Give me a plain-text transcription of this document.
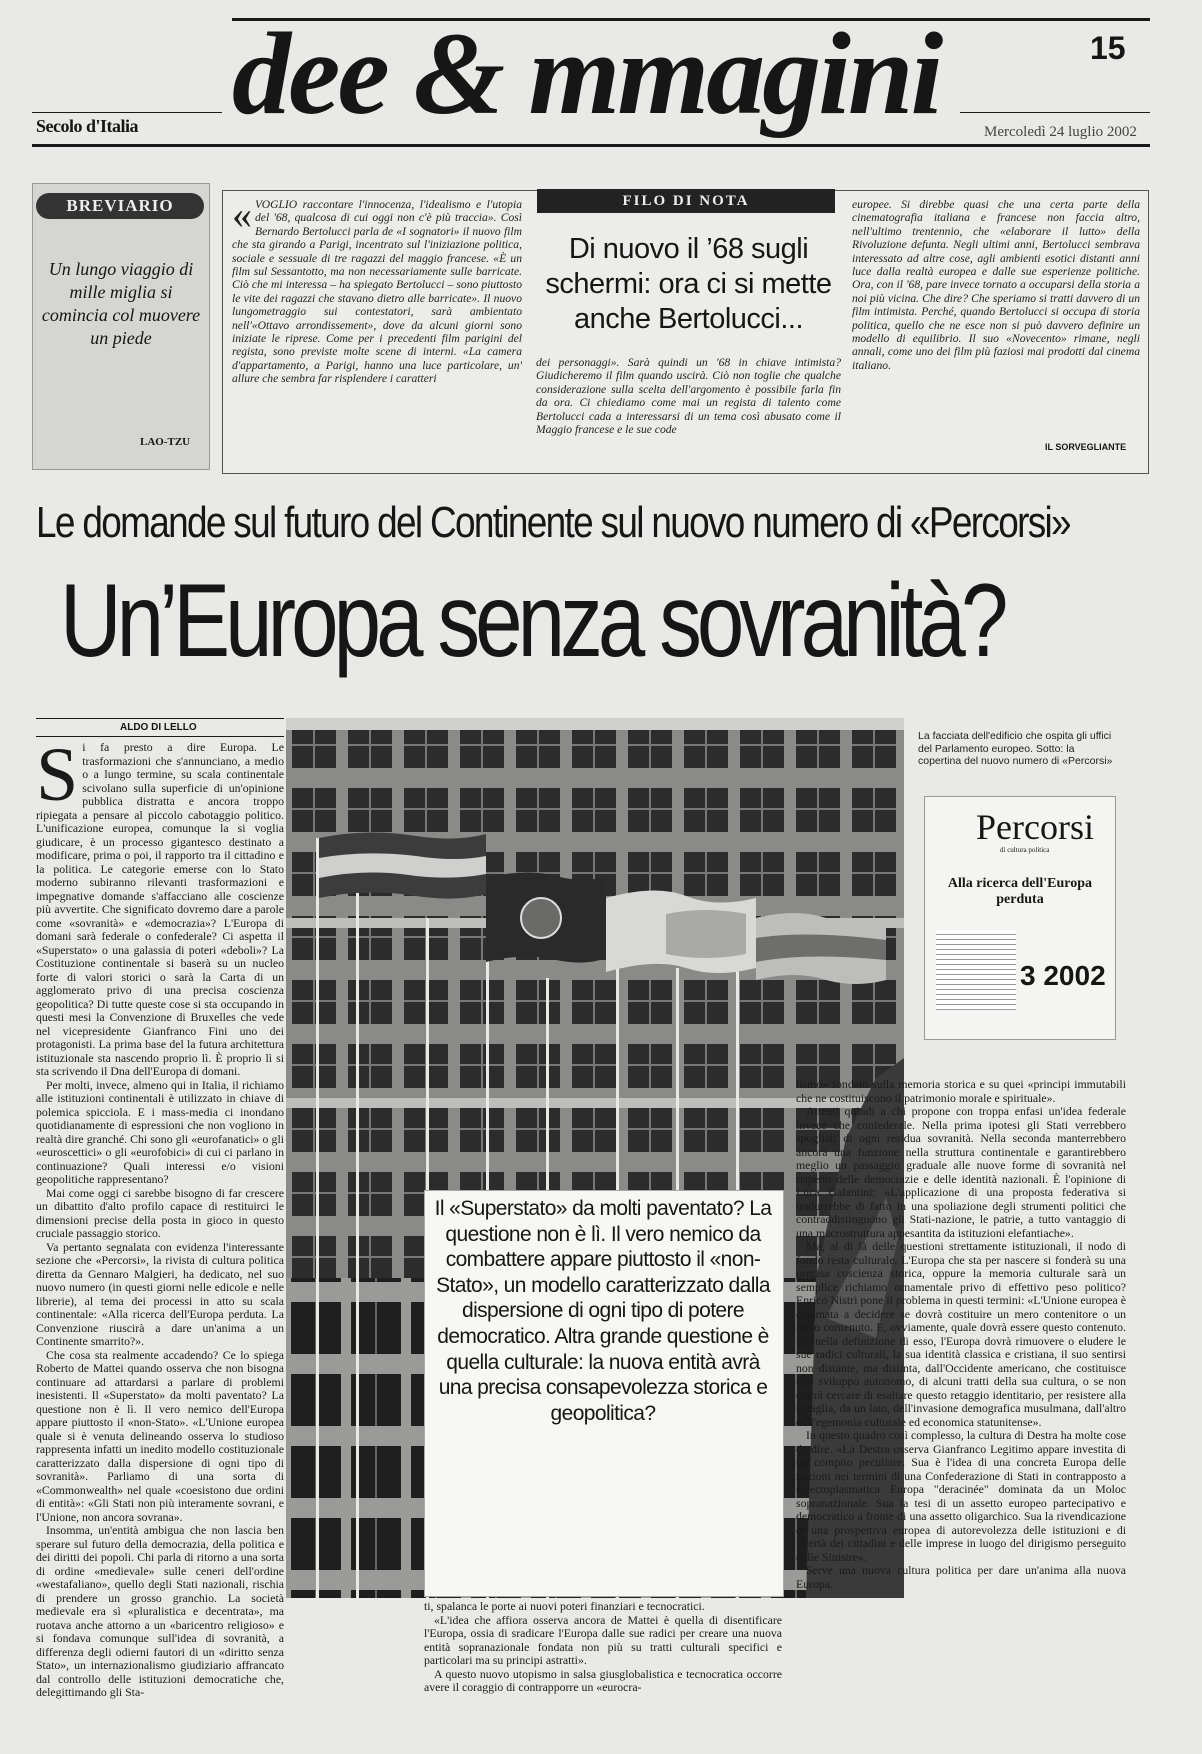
dee & mmagini
Secolo d'Italia
15
Mercoledì 24 luglio 2002
BREVIARIO
Un lungo viaggio di mille miglia si comincia col muovere un piede
LAO-TZU
FILO DI NOTA
« VOGLIO raccontare l'innocenza, l'idealismo e l'utopia del '68, qualcosa di cui oggi non c'è più traccia». Così Bernardo Bertolucci parla de «I sognatori» il nuovo film che sta girando a Parigi, incentrato sul l'iniziazione politica, sociale e sessuale di tre ragazzi del maggio francese. «È un film sul Sessantotto, ma non necessariamente sulle barricate. Ciò che mi interessa – ha spiegato Bertolucci – sono piuttosto le vite dei ragazzi che stavano dietro alle barricate». Il nuovo lungometraggio sui contestatori, sarà ambientato nell'«Ottavo arrondissement», dove da alcuni giorni sono iniziate le riprese. Come per i precedenti film parigini del regista, sono previste molte scene di interni. «La camera d'appartamento, a Parigi, hanno una luce particolare, un' allure che sembra far risplendere i caratteri
Di nuovo il ’68 sugli schermi: ora ci si mette anche Bertolucci...
dei personaggi». Sarà quindi un '68 in chiave intimista? Giudicheremo il film quando uscirà. Ciò non toglie che qualche considerazione sulla scelta dell'argomento è possibile farla fin da ora. Ci chiediamo come mai un regista di talento come Bertolucci cada a interessarsi di un tema così abusato come il Maggio francese e le sue code
europee. Si direbbe quasi che una certa parte della cinematografia italiana e francese non faccia altro, nell'ultimo trentennio, che «elaborare il lutto» della Rivoluzione defunta. Negli ultimi anni, Bertolucci sembrava interessato ad altre cose, agli ambienti esotici distanti anni luce dalla realtà europea e dalle sue esperienze politiche. Ora, con il '68, pare invece tornato a occuparsi della storia a noi più vicina. Che dire? Che speriamo si tratti davvero di un film intimista. Perché, quando Bertolucci si occupa di storia politica, quello che ne esce non si può davvero definire un modello di equilibrio. Il suo «Novecento» rimane, negli annali, come uno dei film più faziosi mai prodotti dal cinema italiano.
IL SORVEGLIANTE
Le domande sul futuro del Continente sul nuovo numero di «Percorsi»
Un’Europa senza sovranità?
ALDO DI LELLO
S i fa presto a dire Europa. Le trasformazioni che s'annunciano, a medio o a lungo termine, su scala continentale scivolano sulla superficie di un'opinione pubblica distratta e ancora troppo ripiegata a pensare al piccolo cabotaggio politico. L'unificazione europea, comunque la si voglia giudicare, è un processo gigantesco destinato a modificare, prima o poi, il rapporto tra il cittadino e la politica. Le categorie emerse con lo Stato moderno subiranno rilevanti trasformazioni e impegnative domande s'affacciano alle coscienze più avvertite. Che significato dovremo dare a parole come «sovranità» e «democrazia»? L'Europa di domani sarà federale o confederale? Ci aspetta il «Superstato» o una galassia di poteri «deboli»? La Costituzione continentale si baserà su un nucleo forte di valori storici o sarà la Carta di un agglomerato privo di una precisa coscienza geopolitica? Di tutte queste cose si sta occupando in questi mesi la Convenzione di Bruxelles che vede nel vicepresidente Gianfranco Fini uno dei protagonisti. La prima base del la futura architettura istituzionale sta nascendo proprio lì. È proprio lì si sta scrivendo il Dna dell'Europa di domani.

Per molti, invece, almeno qui in Italia, il richiamo alle istituzioni continentali è utilizzato in chiave di polemica spicciola. E i mass-media ci inondano quotidianamente di espressioni che non vogliono in realtà dire granché. Chi sono gli «eurofanatici» o gli «euroscettici» o gli «eurofobici» di cui ci parlano in continuazione? Quali interessi e/o visioni geopolitiche rappresentano?

Mai come oggi ci sarebbe bisogno di far crescere un dibattito d'alto profilo capace di restituirci le dimensioni precise della posta in gioco in questo cruciale passaggio storico.

Va pertanto segnalata con evidenza l'interessante sezione che «Percorsi», la rivista di cultura politica diretta da Gennaro Malgieri, ha dedicato, nel suo nuovo numero (in questi giorni nelle edicole e nelle librerie), al tema dei processi in atto su scala continentale: «Alla ricerca dell'Europa perduta. La Convenzione riuscirà a dare un'anima a un Continente smarrito?».

Che cosa sta realmente accadendo? Ce lo spiega Roberto de Mattei quando osserva che non bisogna continuare ad attardarsi a parlare di problemi inesistenti. Il «Superstato» da molti paventato? La questione non è lì. Il vero nemico dell'Europa appare piuttosto il «non-Stato». «L'Unione europea quale si è venuta delineando osserva lo studioso rappresenta infatti un inedito modello costituzionale caratterizzato dalla dispersione di ogni tipo di sovranità». Parliamo di una sorta di «Commonwealth» nel quale «coesistono due ordini di entità»: «Gli Stati non più interamente sovrani, e l'Unione, non ancora sovrana».

Insomma, un'entità ambigua che non lascia ben sperare sul futuro della democrazia, della politica e dei diritti dei popoli. Chi parla di ritorno a una sorta di ordine «medievale» sulle ceneri dell'ordine «westafaliano», quello degli Stati nazionali, rischia di prendere un grosso granchio. La società medievale era sì «pluralistica e decentrata», ma ruotava anche attorno a un «baricentro religioso» e si fondava comunque sull'idea di sovranità, a differenza degli odierni fautori di un «diritto senza Stato», un internazionalismo giudiziario affrancato dal controllo delle istituzioni democratiche che, delegittimando gli Sta-

La facciata dell'edificio che ospita gli uffici del Parlamento europeo. Sotto: la copertina del nuovo numero di «Percorsi»
Percorsi
di cultura politica
Alla ricerca dell'Europa perduta
3 2002
Il «Superstato» da molti paventato? La questione non è lì. Il vero nemico da combattere appare piuttosto il «non-Stato», un modello caratterizzato dalla dispersione di ogni tipo di potere democratico. Altra grande questione è quella culturale: la nuova entità avrà una precisa consapevolezza storica e geopolitica?

ti, spalanca le porte ai nuovi poteri finanziari e tecnocratici.

«L'idea che affiora osserva ancora de Mattei è quella di disentificare l'Europa, ossia di sradicare l'Europa dalle sue radici per creare una nuova entità sopranazionale fondata non più su tratti culturali specifici e particolari ma su principi astratti».

A questo nuovo utopismo in salsa giusglobalistica e tecnocratica occorre avere il coraggio di contrapporre un «eurocra-

lismo» fondato sulla memoria storica e su quei «principi immutabili che ne costituiscono il patrimonio morale e spirituale».

Attenti quindi a chi propone con troppa enfasi un'idea federale invece che confederale. Nella prima ipotesi gli Stati verrebbero spogliati di ogni residua sovranità. Nella seconda manterrebbero ancora una funzione nella struttura continentale e garantirebbero meglio un passaggio graduale alle nuove forme di sovranità nel rispetto delle democrazie e delle identità nazionali. È l'opinione di Luca Galantini: «L'applicazione di una proposta federativa si tradurrebbe di fatto in una spoliazione degli strumenti politici che contraddistinguono gli Stati-nazione, le patrie, a tutto vantaggio di una macrostruttura appesantita da istituzioni elefantiache».

Ma, al di là delle questioni strettamente istituzionali, il nodo di fondo resta culturale. L'Europa che sta per nascere si fonderà su una precisa coscienza storica, oppure la memoria culturale sarà un semplice richiamo ornamentale privo di effettivo peso politico? Enrico Nistri pone il problema in questi termini: «L'Unione europea è chiamata a decidere se dovrà costituire un mero contenitore o un mero contenuto. E, ovviamente, quale dovrà essere questo contenuto. Se, nella definizione di esso, l'Europa dovrà rimuovere o eludere le sue radici culturali, la sua identità classica e cristiana, il suo sentirsi non distante, ma distinta, dall'Occidente americano, che costituisce uno sviluppo autonomo, di alcuni tratti della sua cultura, o se non dovrà cercare di esaltare questo retaggio identitario, per resistere alla tenaglia, da un lato, dell'invasione demografica musulmana, dall'altro dell'egemonia culturale ed economica statunitense».

In questo quadro così complesso, la cultura di Destra ha molte cose da dire. «La Destra osserva Gianfranco Legitimo appare investita di un compito peculiare. Sua è l'idea di una concreta Europa delle nazioni nei termini di una Confederazione di Stati in contrapposto a un'ectoplasmatica Europa "deracinée" dominata da un Moloc sopranazionale. Sua la tesi di un assetto europeo partecipativo e democratico a fronte di una assetto oligarchico. Sua la rivendicazione di una prospettiva europea di autorevolezza delle istituzioni e di libertà dei cittadini e delle imprese in luogo del dirigismo perseguito dalle Sinistre».

Serve una nuova cultura politica per dare un'anima alla nuova Europa.
